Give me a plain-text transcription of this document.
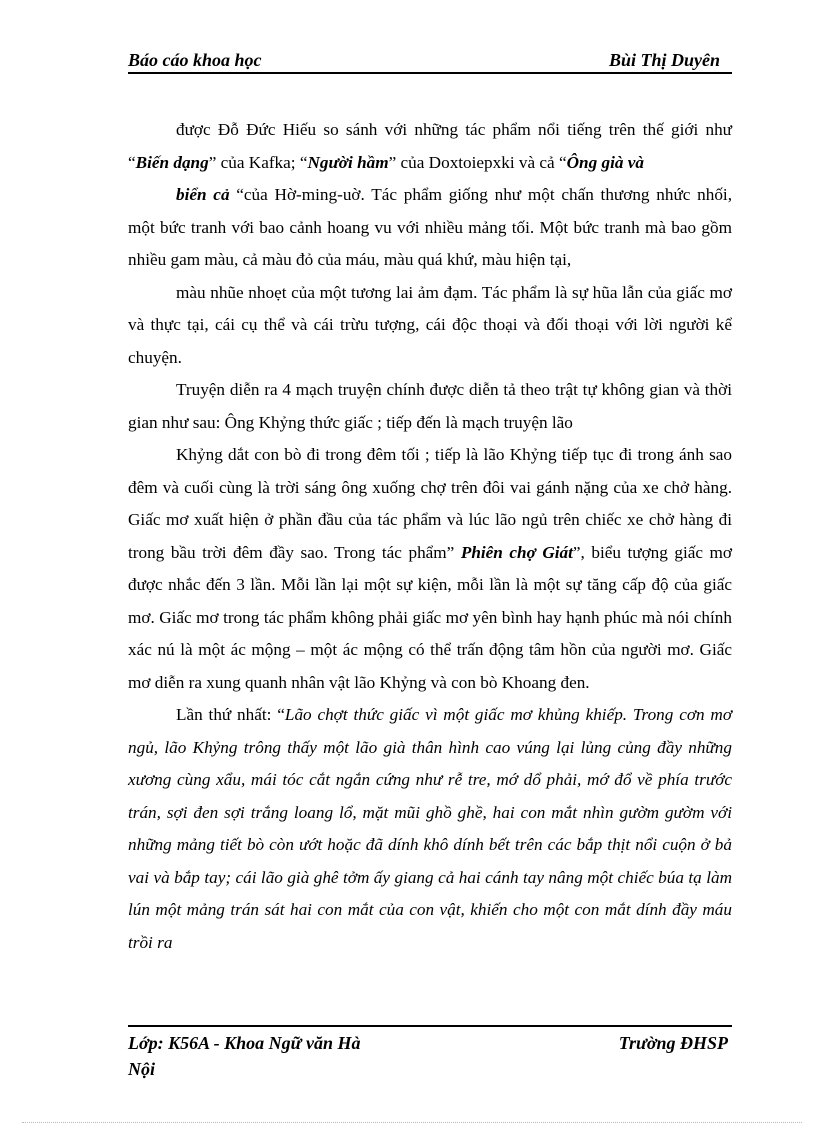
Báo cáo khoa học	Bùi Thị Duyên

được Đỗ Đức Hiếu so sánh với những tác phẩm nổi tiếng trên thế giới như “Biến dạng” của Kafka; “Người hầm” của Doxtoiepxki và cả “Ông già và

biển cả “của Hờ-ming-uờ. Tác phẩm giống như một chấn thương nhức nhối, một bức tranh với bao cảnh hoang vu với nhiều mảng tối. Một bức tranh mà bao gồm nhiều gam màu, cả màu đỏ của máu, màu quá khứ, màu hiện tại,

màu nhũe nhoẹt của một tương lai ảm đạm. Tác phẩm là sự hũa lẫn của giấc mơ và thực tại, cái cụ thể và cái trừu tượng, cái độc thoại và đối thoại với lời người kể chuyện.

Truyện diễn ra 4 mạch truyện chính được diễn tả theo trật tự không gian và thời gian như sau: Ông Khỷng thức giấc ; tiếp đến là mạch truyện lão

Khỷng dắt con bò đi trong đêm tối ; tiếp là lão Khỷng tiếp tục đi trong ánh sao đêm và cuối cùng là trời sáng ông xuống chợ trên đôi vai gánh nặng của xe chở hàng. Giấc mơ xuất hiện ở phần đầu của tác phẩm và lúc lão ngủ trên chiếc xe chở hàng đi trong bầu trời đêm đầy sao. Trong tác phẩm” Phiên chợ Giát”, biểu tượng giấc mơ được nhắc đến 3 lần. Mỗi lần lại một sự kiện, mỗi lần là một sự tăng cấp độ của giấc mơ. Giấc mơ trong tác phẩm không phải giấc mơ yên bình hay hạnh phúc mà nói chính xác nú là một ác mộng – một ác mộng có thể trấn động tâm hồn của người mơ. Giấc mơ diễn ra xung quanh nhân vật lão Khỷng và con bò Khoang đen.

Lần thứ nhất: “Lão chợt thức giấc vì một giấc mơ khủng khiếp. Trong cơn mơ ngủ, lão Khỷng trông thấy một lão già thân hình cao vúng lại lủng củng đầy những xương cùng xẩu, mái tóc cắt ngắn cứng như rễ tre, mớ dổ phải, mớ đổ về phía trước trán, sợi đen sợi trắng loang lổ, mặt mũi ghồ ghề, hai con mắt nhìn gườm gườm với những mảng tiết bò còn ướt hoặc đã dính khô dính bết trên các bắp thịt nổi cuộn ở bả vai và bắp tay; cái lão già ghê tởm ấy giang cả hai cánh tay nâng một chiếc búa tạ làm lún một mảng trán sát hai con mắt của con vật, khiến cho một con mắt dính đầy máu trồi ra

Lớp: K56A - Khoa Ngữ văn Hà Nội
Trường ĐHSP
